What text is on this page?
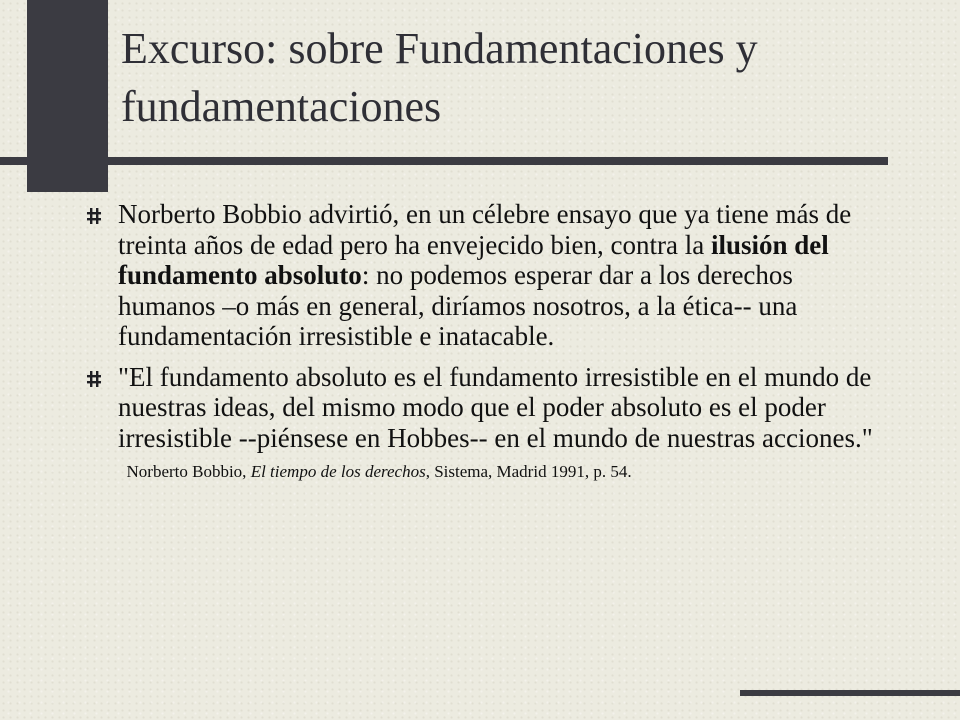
Excurso: sobre Fundamentaciones y
fundamentaciones
Norberto Bobbio advirtió, en un célebre ensayo que ya tiene más de treinta años de edad pero ha envejecido bien, contra la ilusión del fundamento absoluto: no podemos esperar dar a los derechos humanos –o más en general, diríamos nosotros, a la ética-- una fundamentación irresistible e inatacable.
"El fundamento absoluto es el fundamento irresistible en el mundo de nuestras ideas, del mismo modo que el poder absoluto es el poder irresistible --piénsese en Hobbes-- en el mundo de nuestras acciones."   Norberto Bobbio, El tiempo de los derechos, Sistema, Madrid 1991, p. 54.
